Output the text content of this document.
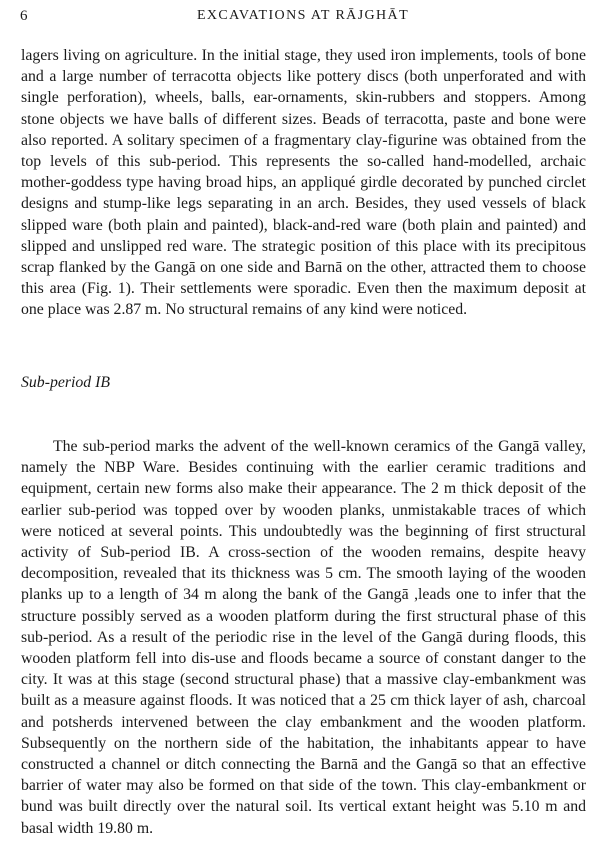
6	EXCAVATIONS AT RĀJGHĀT

lagers living on agriculture. In the initial stage, they used iron implements, tools of bone and a large number of terracotta objects like pottery discs (both unperforated and with single perforation), wheels, balls, ear-ornaments, skin-rubbers and stoppers. Among stone objects we have balls of different sizes. Beads of terracotta, paste and bone were also reported. A solitary specimen of a fragmentary clay-figurine was obtained from the top levels of this sub-period. This represents the so-called hand-modelled, archaic mother-goddess type having broad hips, an appliqué girdle decorated by punched circlet designs and stump-like legs separating in an arch. Besides, they used vessels of black slipped ware (both plain and painted), black-and-red ware (both plain and painted) and slipped and unslipped red ware. The strategic position of this place with its precipitous scrap flanked by the Gangā on one side and Barnā on the other, attracted them to choose this area (Fig. 1). Their settlements were sporadic. Even then the maximum deposit at one place was 2.87 m. No structural remains of any kind were noticed.

Sub-period IB

The sub-period marks the advent of the well-known ceramics of the Gangā valley, namely the NBP Ware. Besides continuing with the earlier ceramic traditions and equipment, certain new forms also make their appearance. The 2 m thick deposit of the earlier sub-period was topped over by wooden planks, unmistakable traces of which were noticed at several points. This undoubtedly was the beginning of first structural activity of Sub-period IB. A cross-section of the wooden remains, despite heavy decomposition, revealed that its thickness was 5 cm. The smooth laying of the wooden planks up to a length of 34 m along the bank of the Gangā ,leads one to infer that the structure possibly served as a wooden platform during the first structural phase of this sub-period. As a result of the periodic rise in the level of the Gangā during floods, this wooden platform fell into dis-use and floods became a source of constant danger to the city. It was at this stage (second structural phase) that a massive clay-embankment was built as a measure against floods. It was noticed that a 25 cm thick layer of ash, charcoal and potsherds intervened between the clay embankment and the wooden platform. Subsequently on the northern side of the habitation, the inhabitants appear to have constructed a channel or ditch connecting the Barnā and the Gangā so that an effective barrier of water may also be formed on that side of the town. This clay-embankment or bund was built directly over the natural soil. Its vertical extant height was 5.10 m and basal width 19.80 m.
